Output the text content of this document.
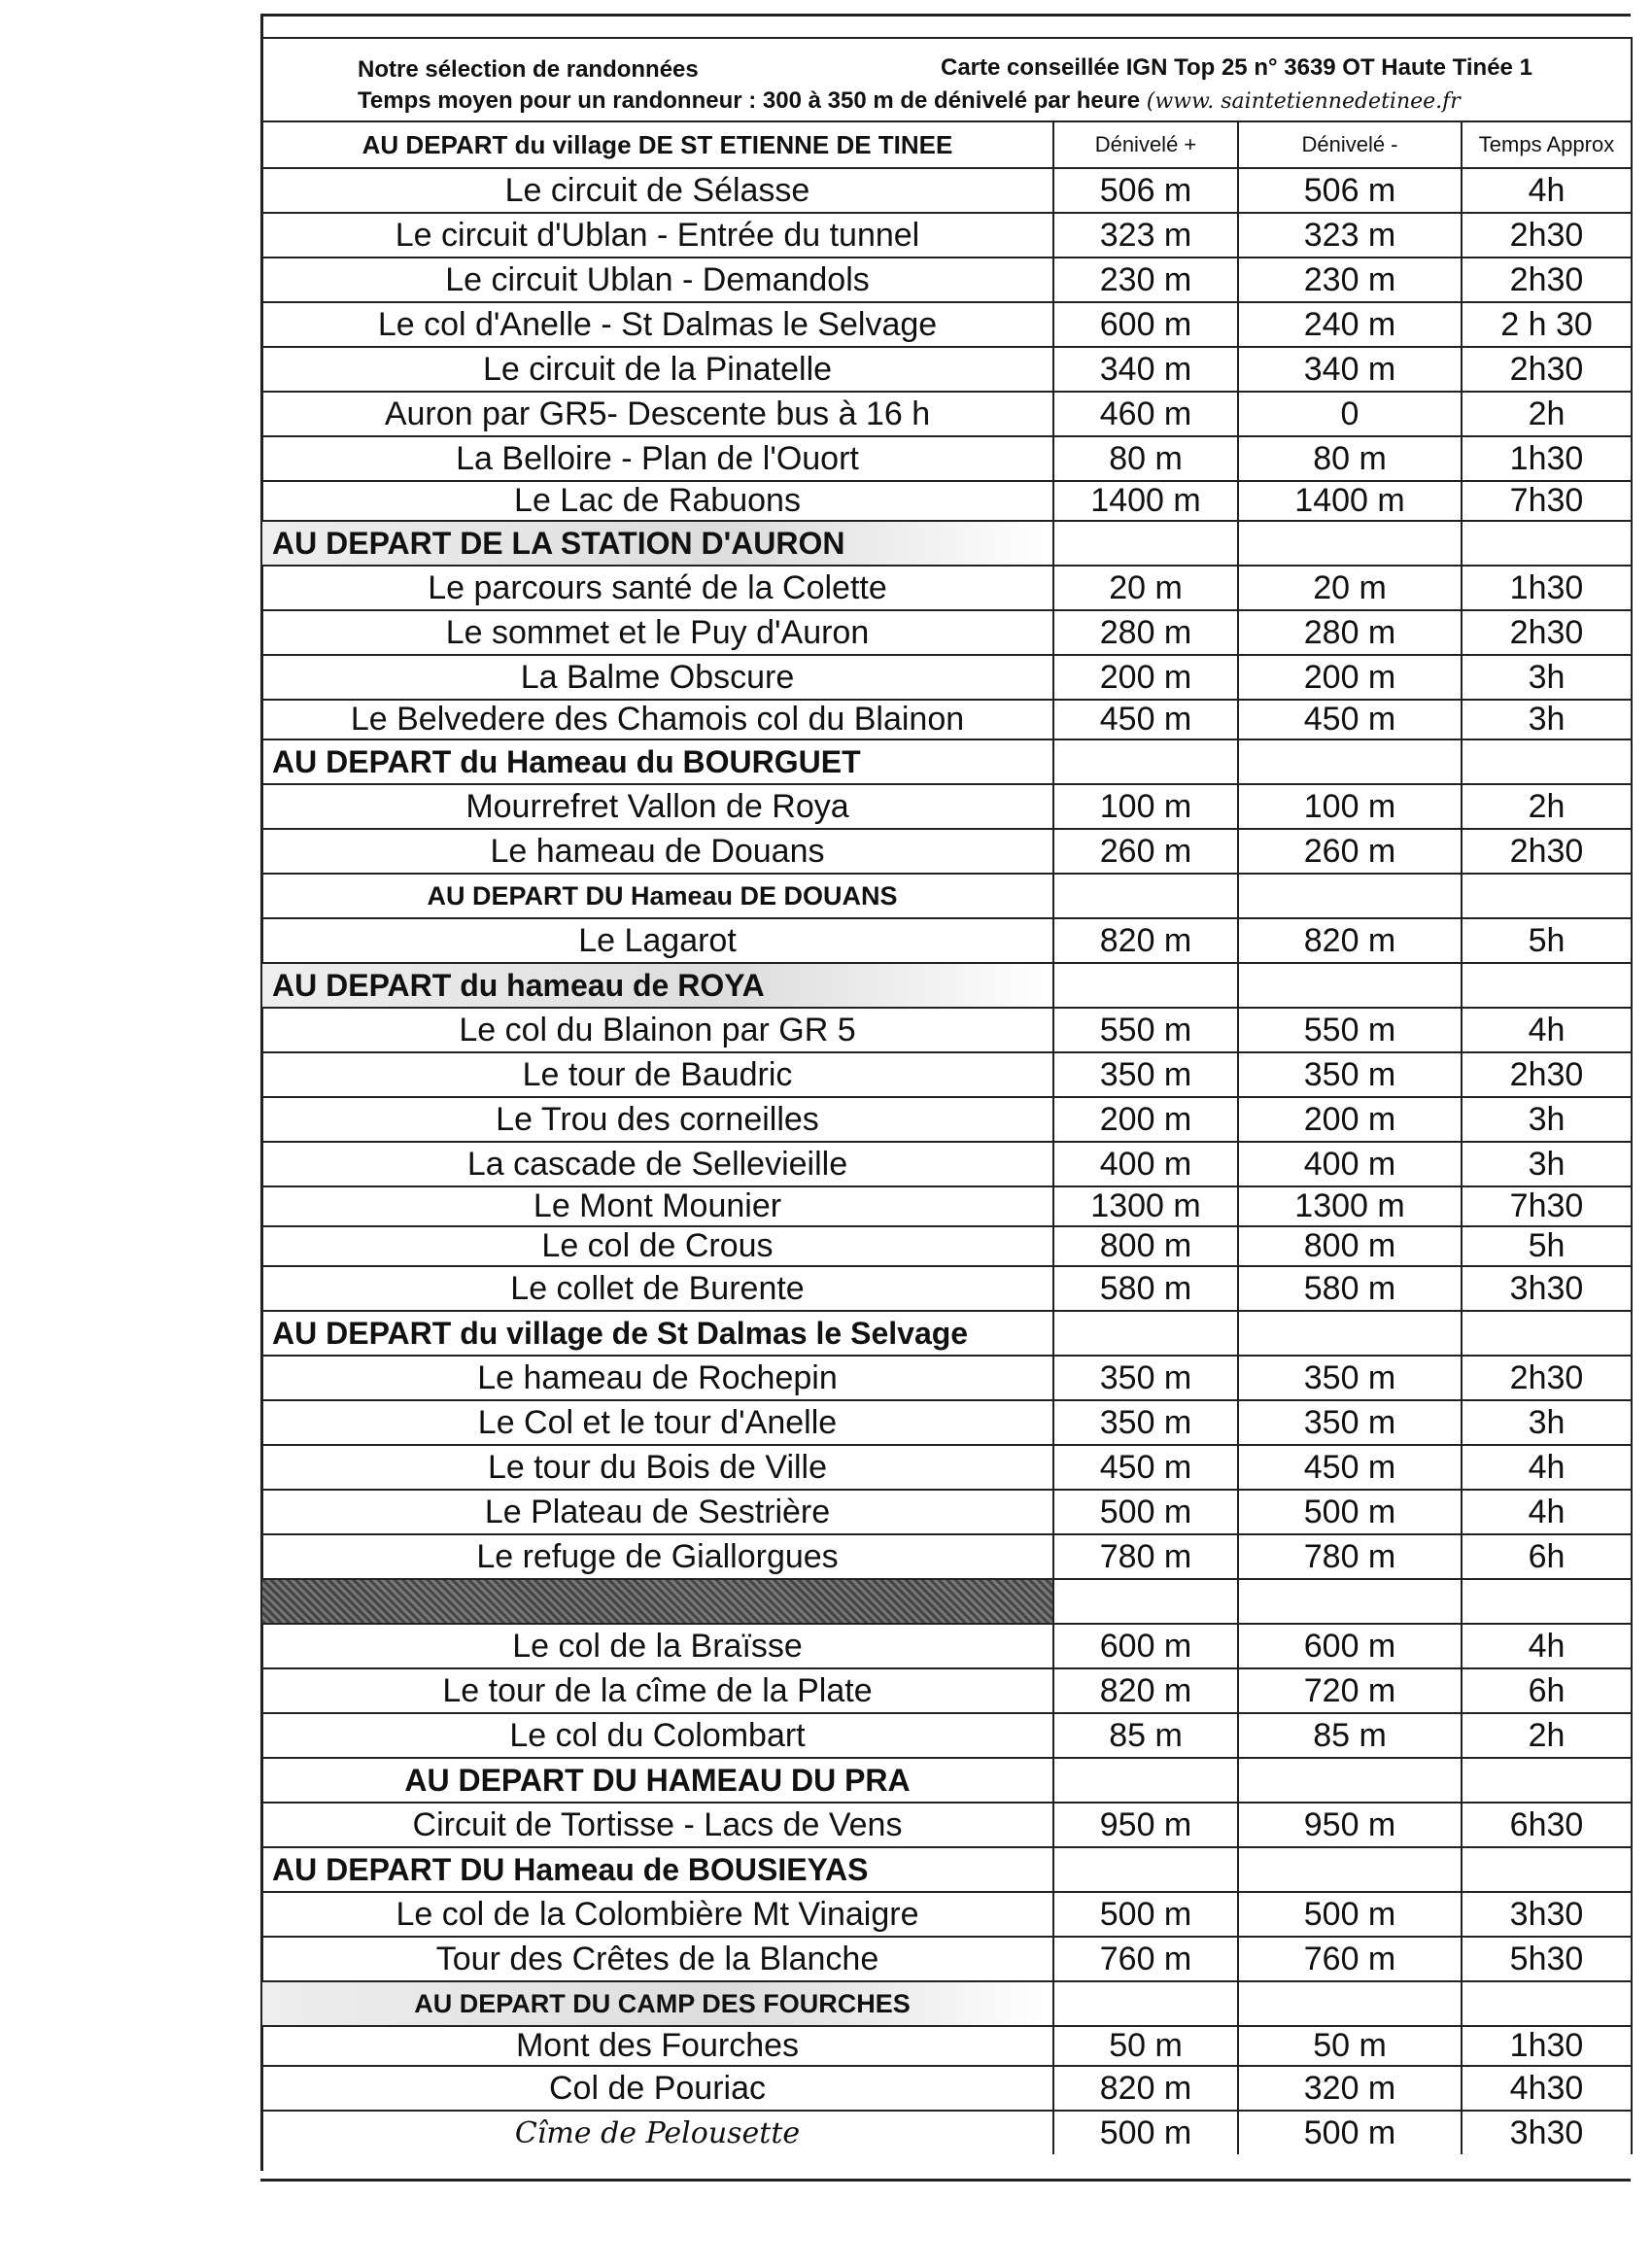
Notre sélection de randonnées	Carte conseillée IGN Top 25 n° 3639 OT Haute Tinée 1
Temps moyen pour un randonneur : 300 à 350 m de dénivelé par heure (www. saintetiennedetinee.fr
AU DEPART du village DE ST ETIENNE DE TINEE	Dénivelé +	Dénivelé -	Temps Approx
Le circuit de Sélasse	506 m	506 m	4h
Le circuit d'Ublan - Entrée du tunnel	323 m	323 m	2h30
Le circuit Ublan - Demandols	230 m	230 m	2h30
Le col d'Anelle - St Dalmas le Selvage	600 m	240 m	2 h 30
Le circuit de la Pinatelle	340 m	340 m	2h30
Auron par GR5- Descente bus à 16 h	460 m	0	2h
La Belloire - Plan de l'Ouort	80 m	80 m	1h30
Le Lac de Rabuons	1400 m	1400 m	7h30
AU DEPART DE LA STATION D'AURON			
Le parcours santé de la Colette	20 m	20 m	1h30
Le sommet et le Puy d'Auron	280 m	280 m	2h30
La Balme Obscure	200 m	200 m	3h
Le Belvedere des Chamois col du Blainon	450 m	450 m	3h
AU DEPART du Hameau du BOURGUET			
Mourrefret Vallon de Roya	100 m	100 m	2h
Le hameau de Douans	260 m	260 m	2h30
AU DEPART DU Hameau DE DOUANS			
Le Lagarot	820 m	820 m	5h
AU DEPART du hameau de ROYA			
Le col du Blainon par GR 5	550 m	550 m	4h
Le tour de Baudric	350 m	350 m	2h30
Le Trou des corneilles	200 m	200 m	3h
La cascade de Sellevieille	400 m	400 m	3h
Le Mont Mounier	1300 m	1300 m	7h30
Le col de Crous	800 m	800 m	5h
Le collet de Burente	580 m	580 m	3h30
AU DEPART du village de St Dalmas le Selvage			
Le hameau de Rochepin	350 m	350 m	2h30
Le Col et le tour d'Anelle	350 m	350 m	3h
Le tour du Bois de Ville	450 m	450 m	4h
Le Plateau de Sestrière	500 m	500 m	4h
Le refuge de Giallorgues	780 m	780 m	6h

Le col de la Braïsse	600 m	600 m	4h
Le tour de la cîme de la Plate	820 m	720 m	6h
Le col du Colombart	85 m	85 m	2h
AU DEPART DU HAMEAU DU PRA			
Circuit de Tortisse - Lacs de Vens	950 m	950 m	6h30
AU DEPART DU Hameau de BOUSIEYAS			
Le col de la Colombière Mt Vinaigre	500 m	500 m	3h30
Tour des Crêtes de la Blanche	760 m	760 m	5h30
AU DEPART DU CAMP DES FOURCHES			
Mont des Fourches	50 m	50 m	1h30
Col de Pouriac	820 m	320 m	4h30
Cîme de Pelousette	500 m	500 m	3h30
